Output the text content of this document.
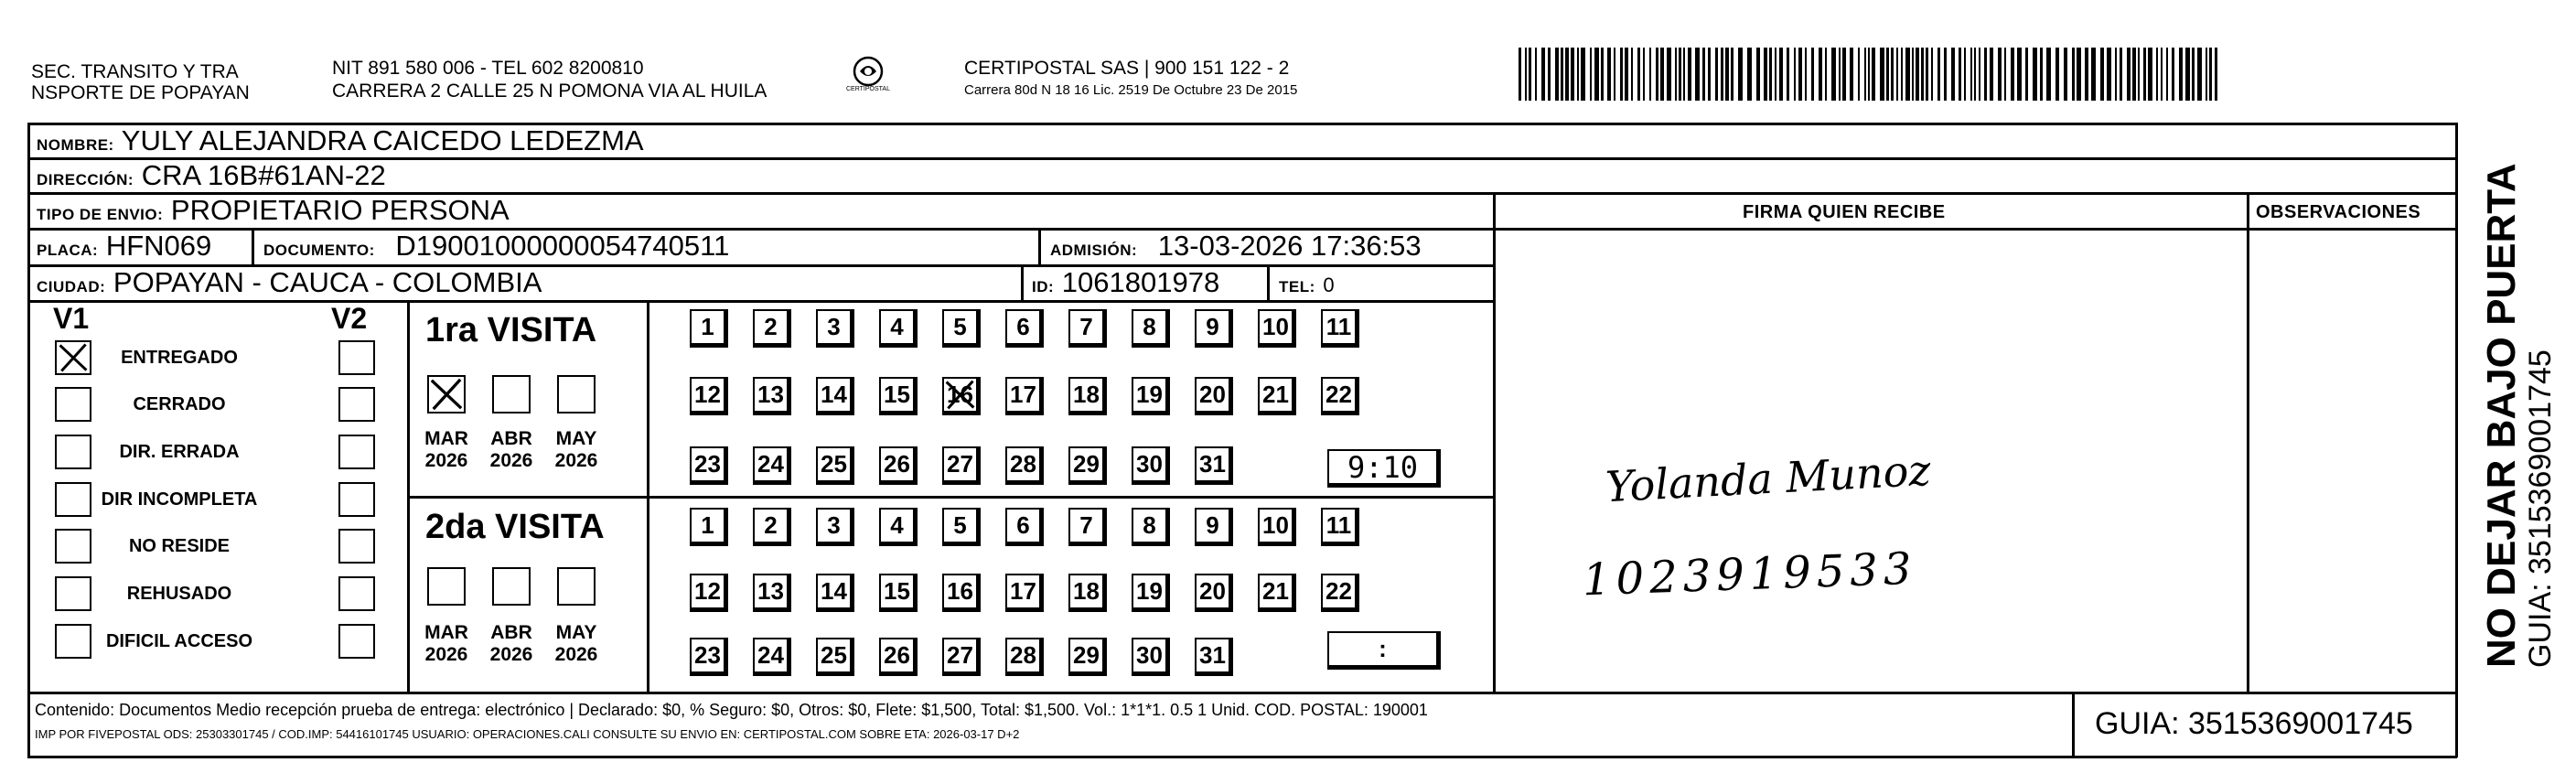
SEC. TRANSITO Y TRA
NSPORTE DE POPAYAN
NIT 891 580 006 - TEL 602 8200810
CARRERA 2 CALLE 25 N POMONA VIA AL HUILA	CERTIPOSTAL
CERTIPOSTAL SAS | 900 151 122 - 2
Carrera 80d N 18 16 Lic. 2519 De Octubre 23 De 2015
NOMBRE: YULY ALEJANDRA CAICEDO LEDEZMA
DIRECCIÓN: CRA 16B#61AN-22
TIPO DE ENVIO: PROPIETARIO PERSONA	FIRMA QUIEN RECIBE	OBSERVACIONES
PLACA: HFN069	DOCUMENTO: D19001000000054740511	ADMISIÓN: 13-03-2026 17:36:53
CIUDAD: POPAYAN - CAUCA - COLOMBIA	ID: 1061801978	TEL: 0
V1	V2
ENTREGADO
CERRADO
DIR. ERRADA
DIR INCOMPLETA
NO RESIDE
REHUSADO
DIFICIL ACCESO
1ra VISITA
2da VISITA
MAR
2026
ABR
2026
MAY
2026
1 2 3 4 5 6 7 8 9 10 11
12 13 14 15 16 17 18 19 20 21 22
23 24 25 26 27 28 29 30 31
MAR
2026
ABR
2026
MAY
2026
1 2 3 4 5 6 7 8 9 10 11
12 13 14 15 16 17 18 19 20 21 22
23 24 25 26 27 28 29 30 31
9:10
:
Yolanda Munoz
1023919533
Contenido: Documentos Medio recepción prueba de entrega: electrónico | Declarado: $0, % Seguro: $0, Otros: $0, Flete: $1,500, Total: $1,500. Vol.: 1*1*1. 0.5 1 Unid. COD. POSTAL: 190001
IMP POR FIVEPOSTAL ODS: 25303301745 / COD.IMP: 54416101745 USUARIO: OPERACIONES.CALI CONSULTE SU ENVIO EN: CERTIPOSTAL.COM SOBRE ETA: 2026-03-17 D+2	GUIA: 3515369001745
NO DEJAR BAJO PUERTA GUIA: 3515369001745
